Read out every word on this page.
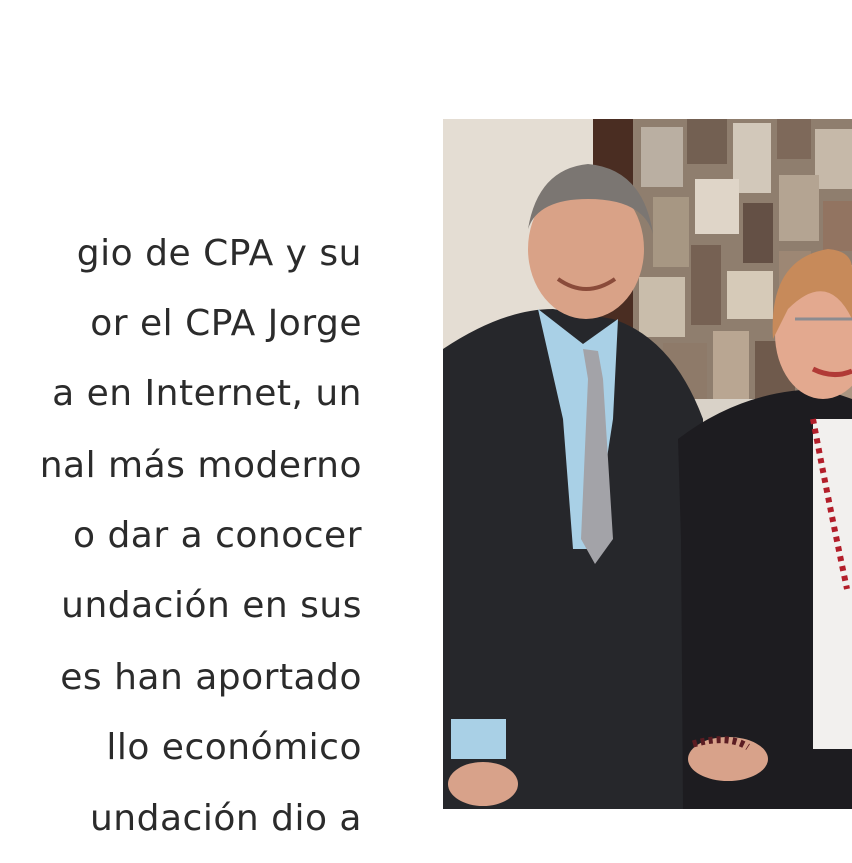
gio de CPA y su
or el CPA Jorge
a en Internet, un
nal más moderno
o dar a conocer
undación en sus
es han aportado
llo económico
undación dio a
